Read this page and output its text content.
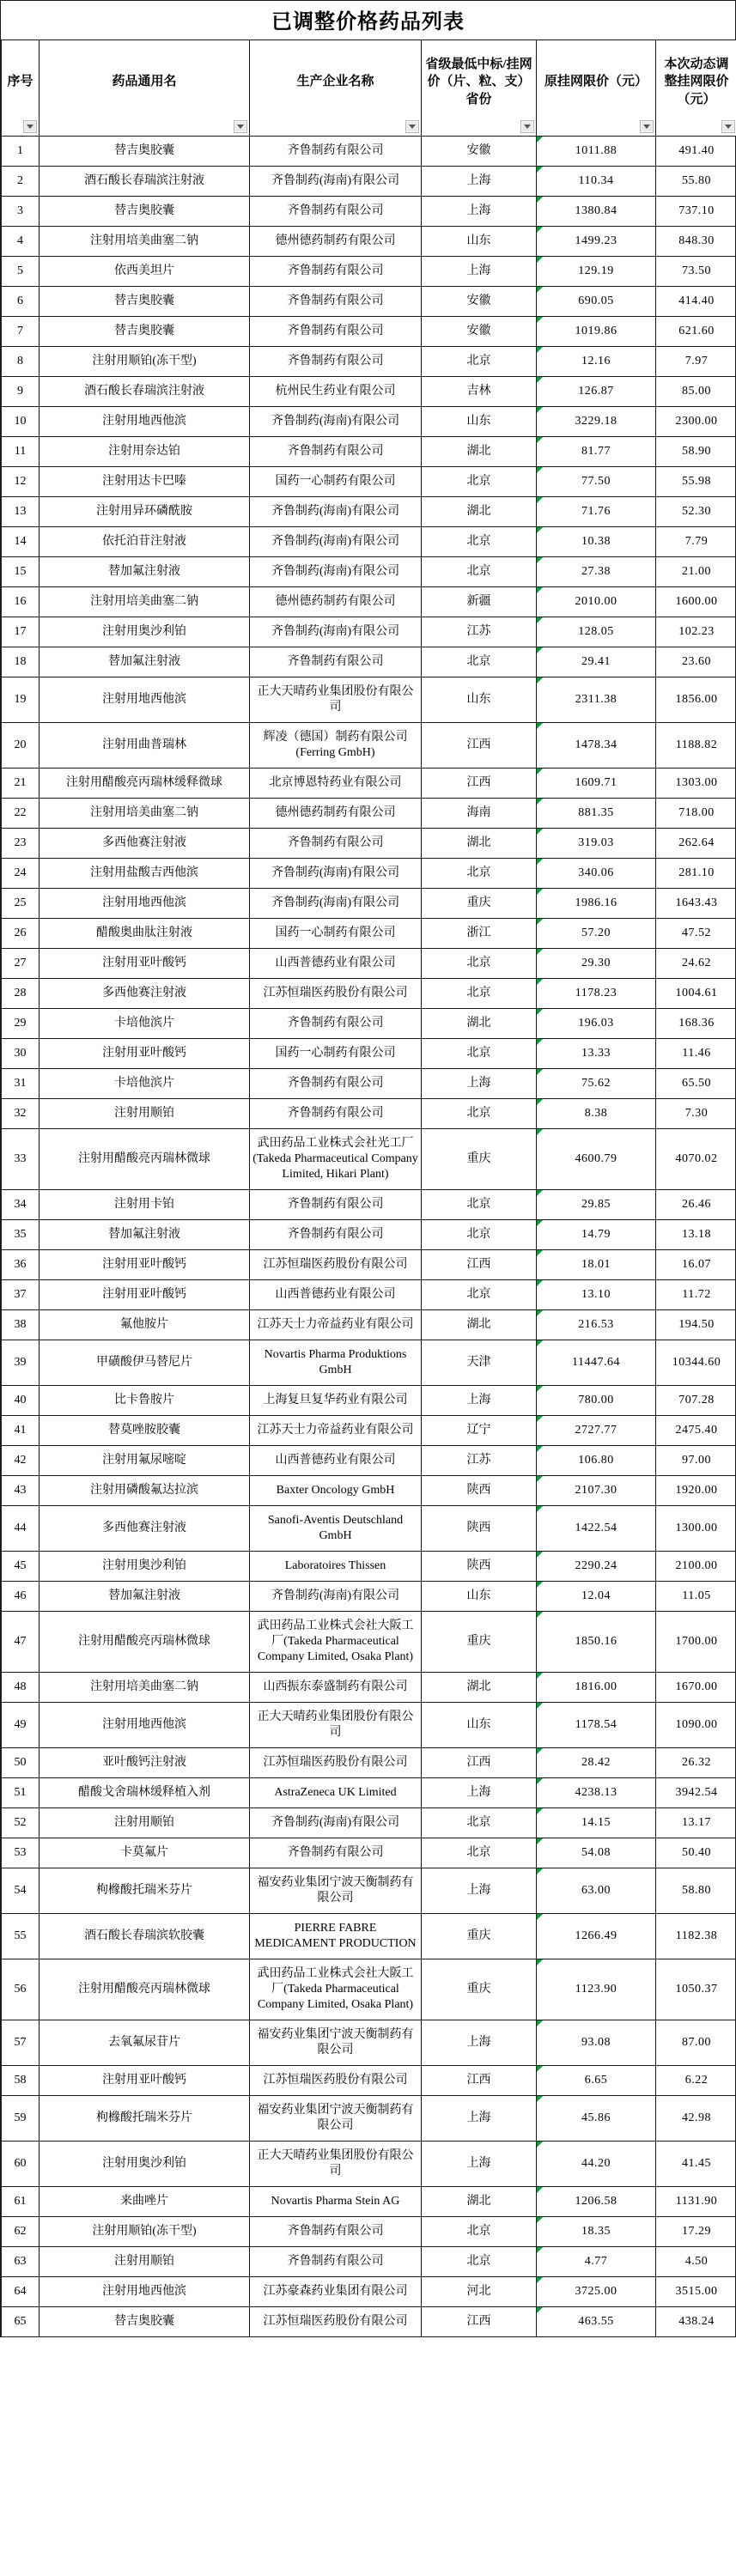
已调整价格药品列表
序号	药品通用名	生产企业名称	省级最低中标/挂网价（片、粒、支）省份	原挂网限价（元）	本次动态调整挂网限价（元）

1	替吉奥胶囊	齐鲁制药有限公司	安徽	1011.88	491.40
2	酒石酸长春瑞滨注射液	齐鲁制药(海南)有限公司	上海	110.34	55.80
3	替吉奥胶囊	齐鲁制药有限公司	上海	1380.84	737.10
4	注射用培美曲塞二钠	德州德药制药有限公司	山东	1499.23	848.30
5	依西美坦片	齐鲁制药有限公司	上海	129.19	73.50
6	替吉奥胶囊	齐鲁制药有限公司	安徽	690.05	414.40
7	替吉奥胶囊	齐鲁制药有限公司	安徽	1019.86	621.60
8	注射用顺铂(冻干型)	齐鲁制药有限公司	北京	12.16	7.97
9	酒石酸长春瑞滨注射液	杭州民生药业有限公司	吉林	126.87	85.00
10	注射用地西他滨	齐鲁制药(海南)有限公司	山东	3229.18	2300.00
11	注射用奈达铂	齐鲁制药有限公司	湖北	81.77	58.90
12	注射用达卡巴嗪	国药一心制药有限公司	北京	77.50	55.98
13	注射用异环磷酰胺	齐鲁制药(海南)有限公司	湖北	71.76	52.30
14	依托泊苷注射液	齐鲁制药(海南)有限公司	北京	10.38	7.79
15	替加氟注射液	齐鲁制药(海南)有限公司	北京	27.38	21.00
16	注射用培美曲塞二钠	德州德药制药有限公司	新疆	2010.00	1600.00
17	注射用奥沙利铂	齐鲁制药(海南)有限公司	江苏	128.05	102.23
18	替加氟注射液	齐鲁制药有限公司	北京	29.41	23.60
19	注射用地西他滨	正大天晴药业集团股份有限公司	山东	2311.38	1856.00
20	注射用曲普瑞林	辉凌（德国）制药有限公司(Ferring GmbH)	江西	1478.34	1188.82
21	注射用醋酸亮丙瑞林缓释微球	北京博恩特药业有限公司	江西	1609.71	1303.00
22	注射用培美曲塞二钠	德州德药制药有限公司	海南	881.35	718.00
23	多西他赛注射液	齐鲁制药有限公司	湖北	319.03	262.64
24	注射用盐酸吉西他滨	齐鲁制药(海南)有限公司	北京	340.06	281.10
25	注射用地西他滨	齐鲁制药(海南)有限公司	重庆	1986.16	1643.43
26	醋酸奥曲肽注射液	国药一心制药有限公司	浙江	57.20	47.52
27	注射用亚叶酸钙	山西普德药业有限公司	北京	29.30	24.62
28	多西他赛注射液	江苏恒瑞医药股份有限公司	北京	1178.23	1004.61
29	卡培他滨片	齐鲁制药有限公司	湖北	196.03	168.36
30	注射用亚叶酸钙	国药一心制药有限公司	北京	13.33	11.46
31	卡培他滨片	齐鲁制药有限公司	上海	75.62	65.50
32	注射用顺铂	齐鲁制药有限公司	北京	8.38	7.30
33	注射用醋酸亮丙瑞林微球	武田药品工业株式会社光工厂(Takeda Pharmaceutical Company Limited, Hikari Plant)	重庆	4600.79	4070.02
34	注射用卡铂	齐鲁制药有限公司	北京	29.85	26.46
35	替加氟注射液	齐鲁制药有限公司	北京	14.79	13.18
36	注射用亚叶酸钙	江苏恒瑞医药股份有限公司	江西	18.01	16.07
37	注射用亚叶酸钙	山西普德药业有限公司	北京	13.10	11.72
38	氟他胺片	江苏天士力帝益药业有限公司	湖北	216.53	194.50
39	甲磺酸伊马替尼片	Novartis Pharma Produktions GmbH	天津	11447.64	10344.60
40	比卡鲁胺片	上海复旦复华药业有限公司	上海	780.00	707.28
41	替莫唑胺胶囊	江苏天士力帝益药业有限公司	辽宁	2727.77	2475.40
42	注射用氟尿嘧啶	山西普德药业有限公司	江苏	106.80	97.00
43	注射用磷酸氟达拉滨	Baxter Oncology GmbH	陕西	2107.30	1920.00
44	多西他赛注射液	Sanofi-Aventis Deutschland GmbH	陕西	1422.54	1300.00
45	注射用奥沙利铂	Laboratoires Thissen	陕西	2290.24	2100.00
46	替加氟注射液	齐鲁制药(海南)有限公司	山东	12.04	11.05
47	注射用醋酸亮丙瑞林微球	武田药品工业株式会社大阪工厂(Takeda Pharmaceutical Company Limited, Osaka Plant)	重庆	1850.16	1700.00
48	注射用培美曲塞二钠	山西振东泰盛制药有限公司	湖北	1816.00	1670.00
49	注射用地西他滨	正大天晴药业集团股份有限公司	山东	1178.54	1090.00
50	亚叶酸钙注射液	江苏恒瑞医药股份有限公司	江西	28.42	26.32
51	醋酸戈舍瑞林缓释植入剂	AstraZeneca UK Limited	上海	4238.13	3942.54
52	注射用顺铂	齐鲁制药(海南)有限公司	北京	14.15	13.17
53	卡莫氟片	齐鲁制药有限公司	北京	54.08	50.40
54	枸橼酸托瑞米芬片	福安药业集团宁波天衡制药有限公司	上海	63.00	58.80
55	酒石酸长春瑞滨软胶囊	PIERRE FABRE MEDICAMENT PRODUCTION	重庆	1266.49	1182.38
56	注射用醋酸亮丙瑞林微球	武田药品工业株式会社大阪工厂(Takeda Pharmaceutical Company Limited, Osaka Plant)	重庆	1123.90	1050.37
57	去氧氟尿苷片	福安药业集团宁波天衡制药有限公司	上海	93.08	87.00
58	注射用亚叶酸钙	江苏恒瑞医药股份有限公司	江西	6.65	6.22
59	枸橼酸托瑞米芬片	福安药业集团宁波天衡制药有限公司	上海	45.86	42.98
60	注射用奥沙利铂	正大天晴药业集团股份有限公司	上海	44.20	41.45
61	来曲唑片	Novartis Pharma Stein AG	湖北	1206.58	1131.90
62	注射用顺铂(冻干型)	齐鲁制药有限公司	北京	18.35	17.29
63	注射用顺铂	齐鲁制药有限公司	北京	4.77	4.50
64	注射用地西他滨	江苏豪森药业集团有限公司	河北	3725.00	3515.00
65	替吉奥胶囊	江苏恒瑞医药股份有限公司	江西	463.55	438.24
